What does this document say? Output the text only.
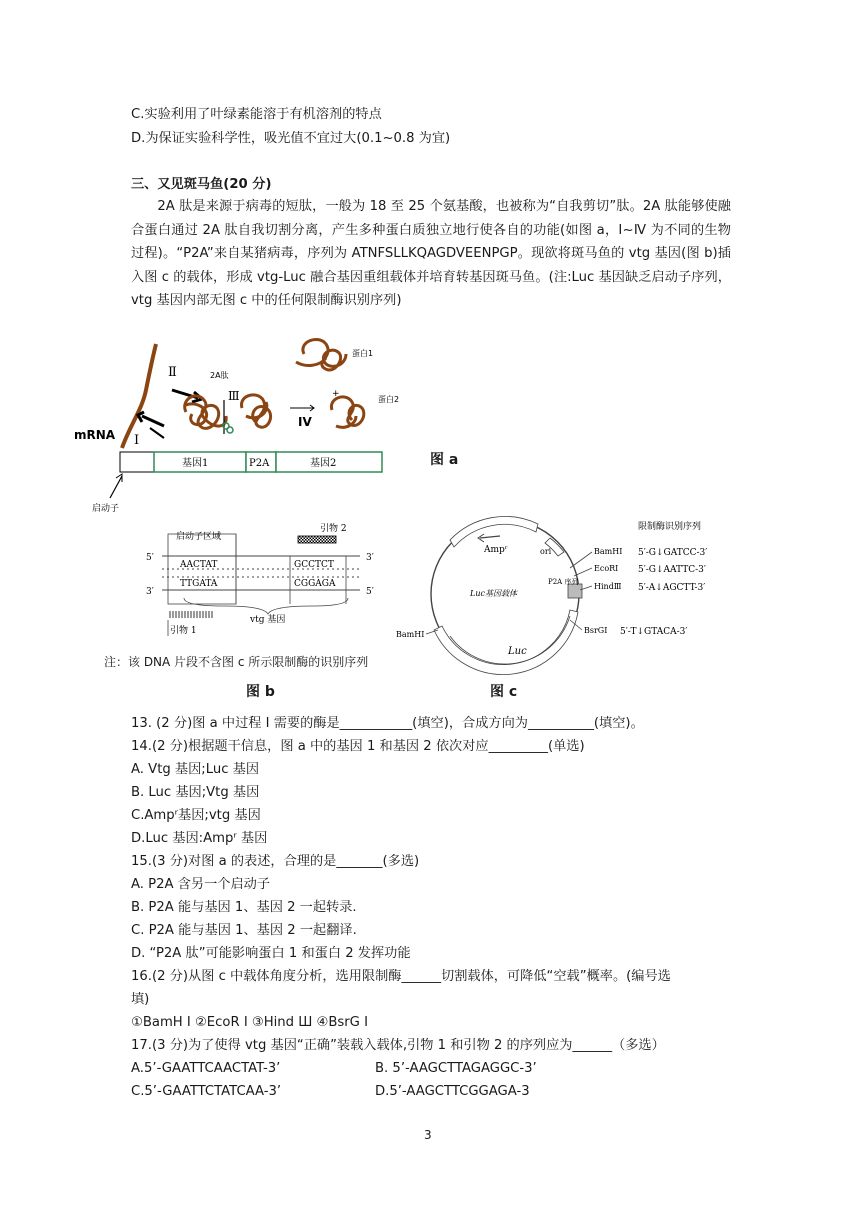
C.实验利用了叶绿素能溶于有机溶剂的特点
D.为保证实验科学性，吸光值不宜过大(0.1~0.8 为宜)
三、又见斑马鱼(20 分)
2A 肽是来源于病毒的短肽，一般为 18 至 25 个氨基酸，也被称为“自我剪切”肽。2A 肽能够使融合蛋白通过 2A 肽自我切割分离，产生多种蛋白质独立地行使各自的功能(如图 a，Ⅰ~Ⅳ 为不同的生物过程)。“P2A”来自某猪病毒，序列为 ATNFSLLKQAGDVEENPGP。现欲将斑马鱼的 vtg 基因(图 b)插入图 c 的载体，形成 vtg-Luc 融合基因重组载体并培育转基因斑马鱼。(注:Luc 基因缺乏启动子序列，vtg 基因内部无图 c 中的任何限制酶识别序列)
mRNA
Ⅱ
Ⅰ
Ⅲ
IV
+
2A肽
蛋白1
蛋白2
基因1	P2A	基因2
启动子
图 a
5′	3′
3′	5′
启动子区域
AACTAT	GCCTCT
TTGATA	CGGAGA
引物 2
vtg 基因
引物 1
注：该 DNA 片段不含图 c 所示限制酶的识别序列
图 b
Ampʳ	ori
Luc
Luc基因载体
P2A 序列
BamHⅠ
EcoRⅠ
HindⅢ
BsrGⅠ
BamHⅠ
限制酶识别序列
5′-G↓GATCC-3′
5′-G↓AATTC-3′
5′-A↓AGCTT-3′
5′-T↓GTACA-3′
图 c
13. (2 分)图 a 中过程 Ⅰ 需要的酶是___________(填空)，合成方向为__________(填空)。
14.(2 分)根据题干信息，图 a 中的基因 1 和基因 2 依次对应_________(单选)
A. Vtg 基因;Luc 基因
B. Luc 基因;Vtg 基因
C.Ampʳ基因;vtg 基因
D.Luc 基因:Ampʳ 基因
15.(3 分)对图 a 的表述，合理的是_______(多选)
A. P2A 含另一个启动子
B. P2A 能与基因 1、基因 2 一起转录.
C. P2A 能与基因 1、基因 2 一起翻译.
D. “P2A 肽”可能影响蛋白 1 和蛋白 2 发挥功能
16.(2 分)从图 c 中载体角度分析，选用限制酶______切割载体，可降低“空载”概率。(编号选
填)
①BamH I ②EcoR I ③Hind Ш ④BsrG I
17.(3 分)为了使得 vtg 基因“正确”装载入载体,引物 1 和引物 2 的序列应为______（多选）
A.5’-GAATTCAACTAT-3’	B. 5’-AAGCTTAGAGGC-3’
C.5’-GAATTCTATCAA-3’	D.5’-AAGCTTCGGAGA-3
3
